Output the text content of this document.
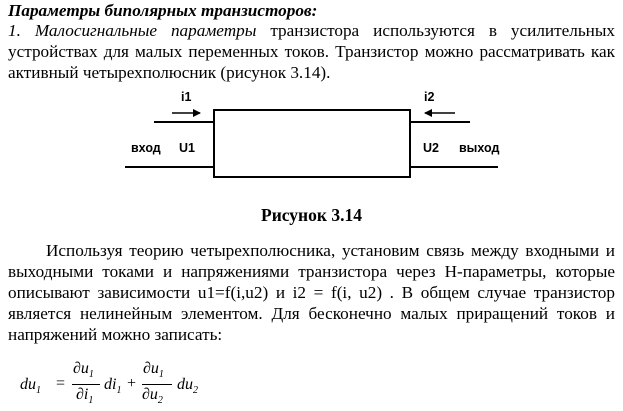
Параметры биполярных транзисторов:

1. Малосигнальные параметры транзистора используются в усилительных устройствах для малых переменных токов. Транзистор можно рассматривать как активный четырехполюсник (рисунок 3.14).

i1	i2
U1	U2
вход	выход
Рисунок 3.14

Используя теорию четырехполюсника, установим связь между входными и выходными токами и напряжениями транзистора через Н-параметры, которые описывают зависимости u1=f(i,u2) и i2 = f(i, u2) . В общем случае транзистор является нелинейным элементом. Для бесконечно малых приращений токов и напряжений можно записать:

$du_1$ =
$\partial u_1$
$\partial i_1$
$di_1$ +
$\partial u_1$
$\partial u_2$
$du_2$
